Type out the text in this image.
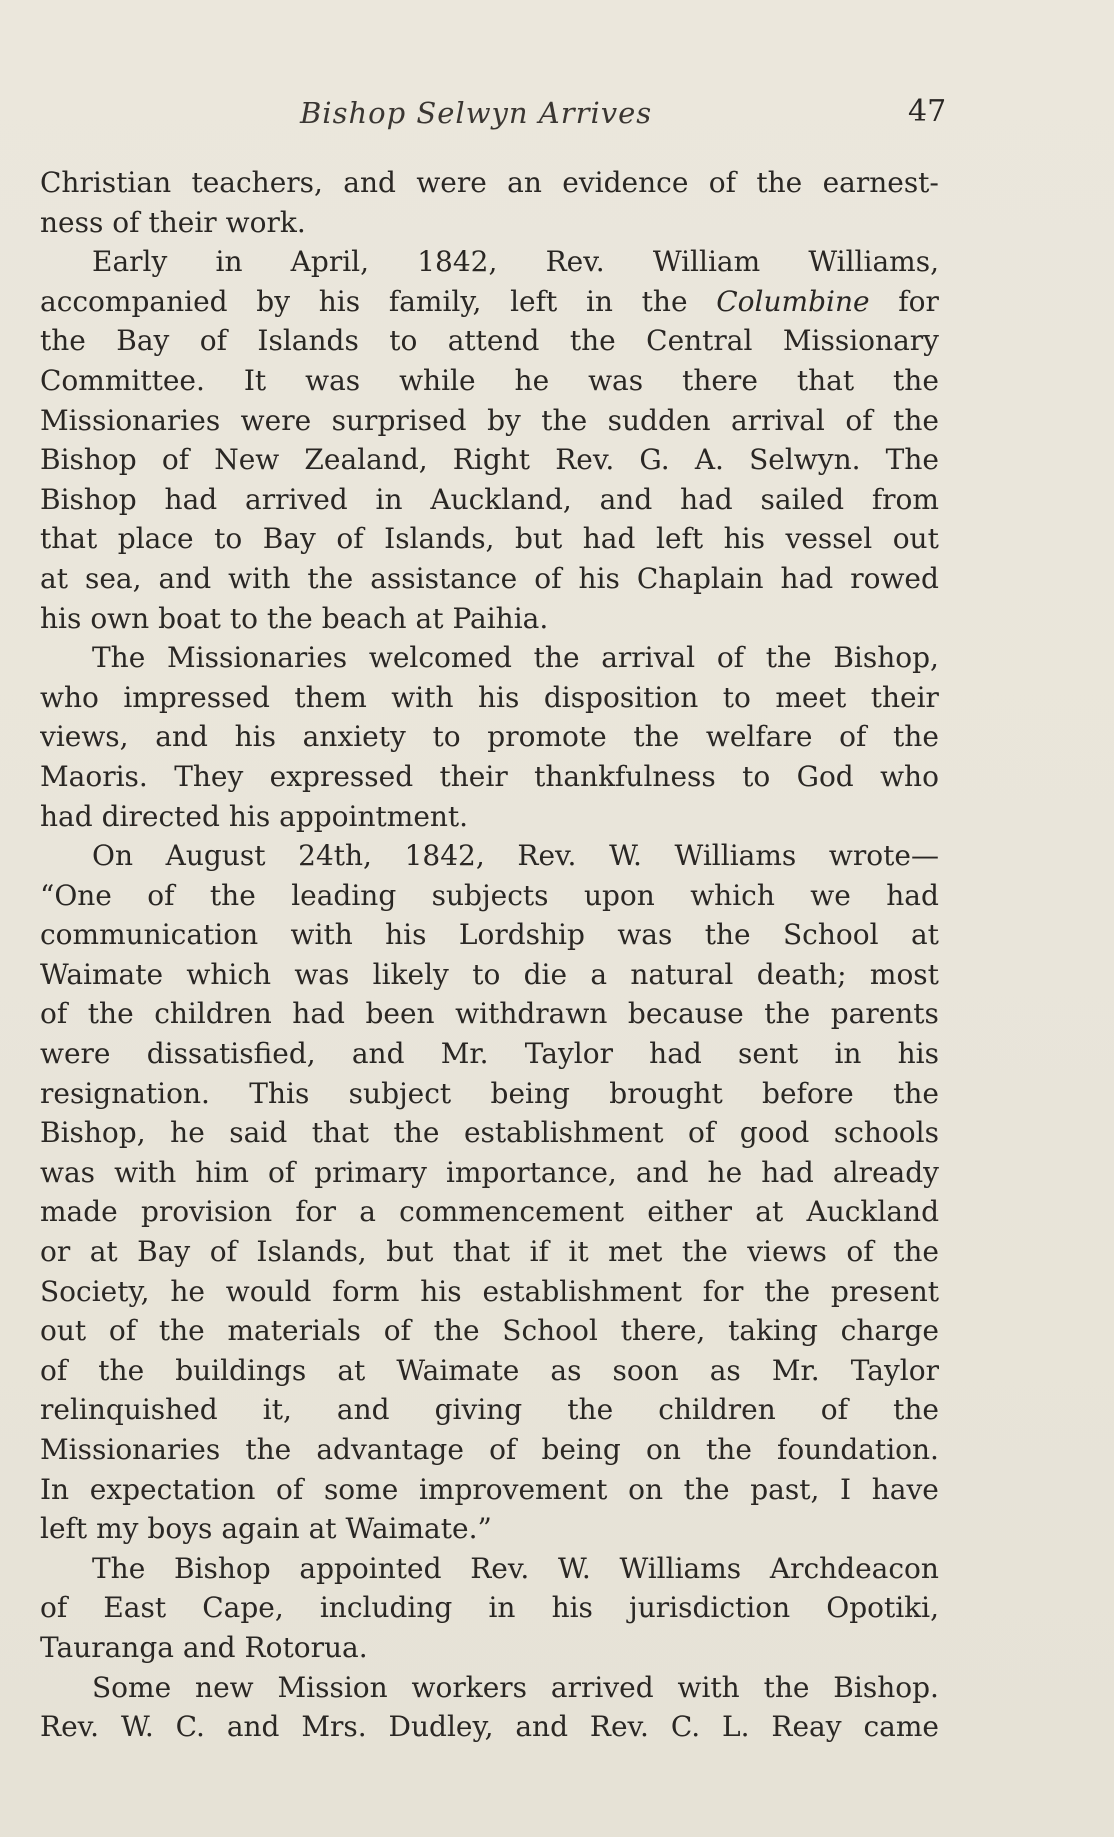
Bishop Selwyn Arrives	47
Christian teachers, and were an evidence of the earnest-
ness of their work.
Early in April, 1842, Rev. William Williams,
accompanied by his family, left in the Columbine for
the Bay of Islands to attend the Central Missionary
Committee. It was while he was there that the
Missionaries were surprised by the sudden arrival of the
Bishop of New Zealand, Right Rev. G. A. Selwyn. The
Bishop had arrived in Auckland, and had sailed from
that place to Bay of Islands, but had left his vessel out
at sea, and with the assistance of his Chaplain had rowed
his own boat to the beach at Paihia.
The Missionaries welcomed the arrival of the Bishop,
who impressed them with his disposition to meet their
views, and his anxiety to promote the welfare of the
Maoris. They expressed their thankfulness to God who
had directed his appointment.
On August 24th, 1842, Rev. W. Williams wrote—
“One of the leading subjects upon which we had
communication with his Lordship was the School at
Waimate which was likely to die a natural death; most
of the children had been withdrawn because the parents
were dissatisfied, and Mr. Taylor had sent in his
resignation. This subject being brought before the
Bishop, he said that the establishment of good schools
was with him of primary importance, and he had already
made provision for a commencement either at Auckland
or at Bay of Islands, but that if it met the views of the
Society, he would form his establishment for the present
out of the materials of the School there, taking charge
of the buildings at Waimate as soon as Mr. Taylor
relinquished it, and giving the children of the
Missionaries the advantage of being on the foundation.
In expectation of some improvement on the past, I have
left my boys again at Waimate.”
The Bishop appointed Rev. W. Williams Archdeacon
of East Cape, including in his jurisdiction Opotiki,
Tauranga and Rotorua.
Some new Mission workers arrived with the Bishop.
Rev. W. C. and Mrs. Dudley, and Rev. C. L. Reay came
